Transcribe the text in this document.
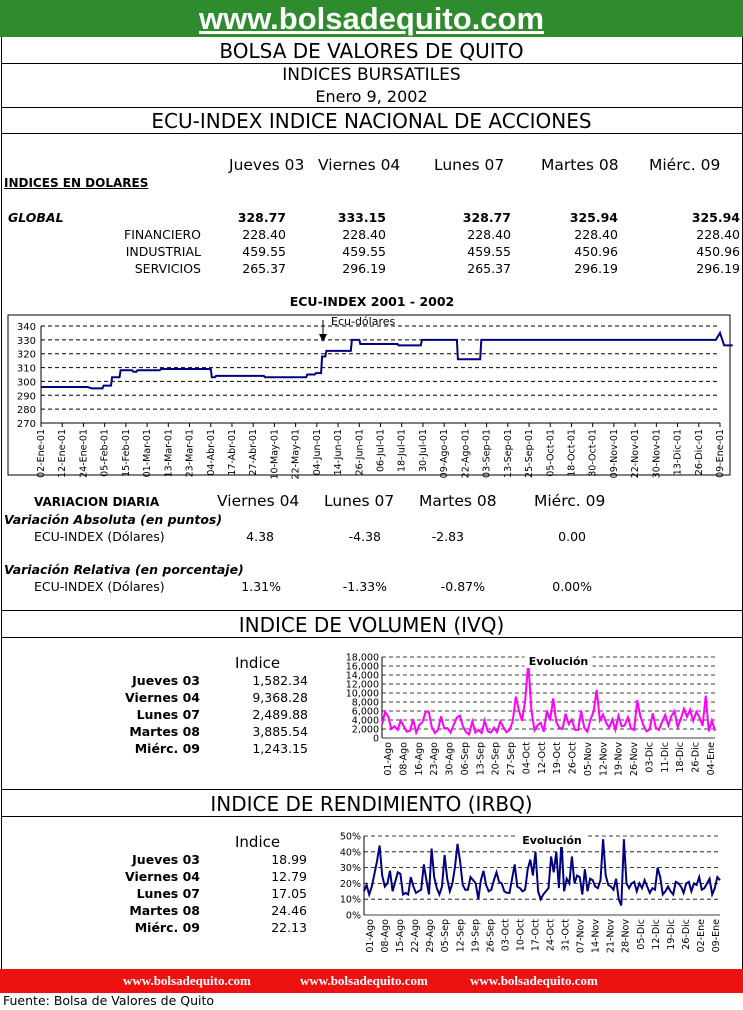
www.bolsadequito.com
BOLSA DE VALORES DE QUITO
INDICES BURSATILES
Enero 9, 2002
ECU-INDEX INDICE NACIONAL DE ACCIONES
Jueves 03 Viernes 04 Lunes 07 Martes 08 Miérc. 09
INDICES EN DOLARES
GLOBAL	328.77	333.15	328.77	325.94	325.94
FINANCIERO	228.40	228.40	228.40	228.40	228.40
INDUSTRIAL	459.55	459.55	459.55	450.96	450.96
SERVICIOS	265.37	296.19	265.37	296.19	296.19
ECU-INDEX 2001 - 2002
270
280
290
300
310
320
330
340
02-Ene-01 12-Ene-01 24-Ene-01 05-Feb-01 15-Feb-01 01-Mar-01 13-Mar-01 23-Mar-01 04-Abr-01 17-Abr-01 27-Abr-01 10-May-01 22-May-01 04-Jun-01 14-Jun-01 26-Jun-01 06-Jul-01 18-Jul-01 30-Jul-01 09-Ago-01 22-Ago-01 03-Sep-01 13-Sep-01 25-Sep-01 05-Oct-01 18-Oct-01 30-Oct-01 09-Nov-01 22-Nov-01 30-Nov-01 13-Dic-01 26-Dic-01 09-Ene-01
Ecu-dólares
VARIACION DIARIA	Viernes 04 Lunes 07 Martes 08 Miérc. 09
Variación Absoluta (en puntos)
ECU-INDEX (Dólares)	4.38	-4.38	-2.83	0.00
Variación Relativa (en porcentaje)
ECU-INDEX (Dólares)	1.31%	-1.33%	-0.87%	0.00%
INDICE DE VOLUMEN (IVQ)
Indice
Jueves 03	1,582.34
Viernes 04	9,368.28
Lunes 07	2,489.88
Martes 08	3,885.54
Miérc. 09	1,243.15
0
2,000
4,000
6,000
8,000
10,000
12,000
14,000
16,000
18,000
01-Ago 08-Ago 16-Ago 23-Ago 30-Ago 06-Sep 13-Sep 20-Sep 27-Sep 04-Oct 12-Oct 19-Oct 26-Oct 05-Nov 12-Nov 19-Nov 26-Nov 03-Dic 11-Dic 18-Dic 26-Dic 04-Ene
Evolución
INDICE DE RENDIMIENTO (IRBQ)
Indice
Jueves 03	18.99
Viernes 04	12.79
Lunes 07	17.05
Martes 08	24.46
Miérc. 09	22.13
0%
10%
20%
30%
40%
50%
01-Ago 08-Ago 15-Ago 22-Ago 29-Ago 05-Sep 12-Sep 19-Sep 26-Sep 03-Oct 10-Oct 17-Oct 24-Oct 31-Oct 07-Nov 14-Nov 21-Nov 28-Nov 05-Dic 12-Dic 19-Dic 26-Dic 02-Ene 09-Ene
Evolución
www.bolsadequito.com	www.bolsadequito.com	www.bolsadequito.com
Fuente: Bolsa de Valores de Quito
